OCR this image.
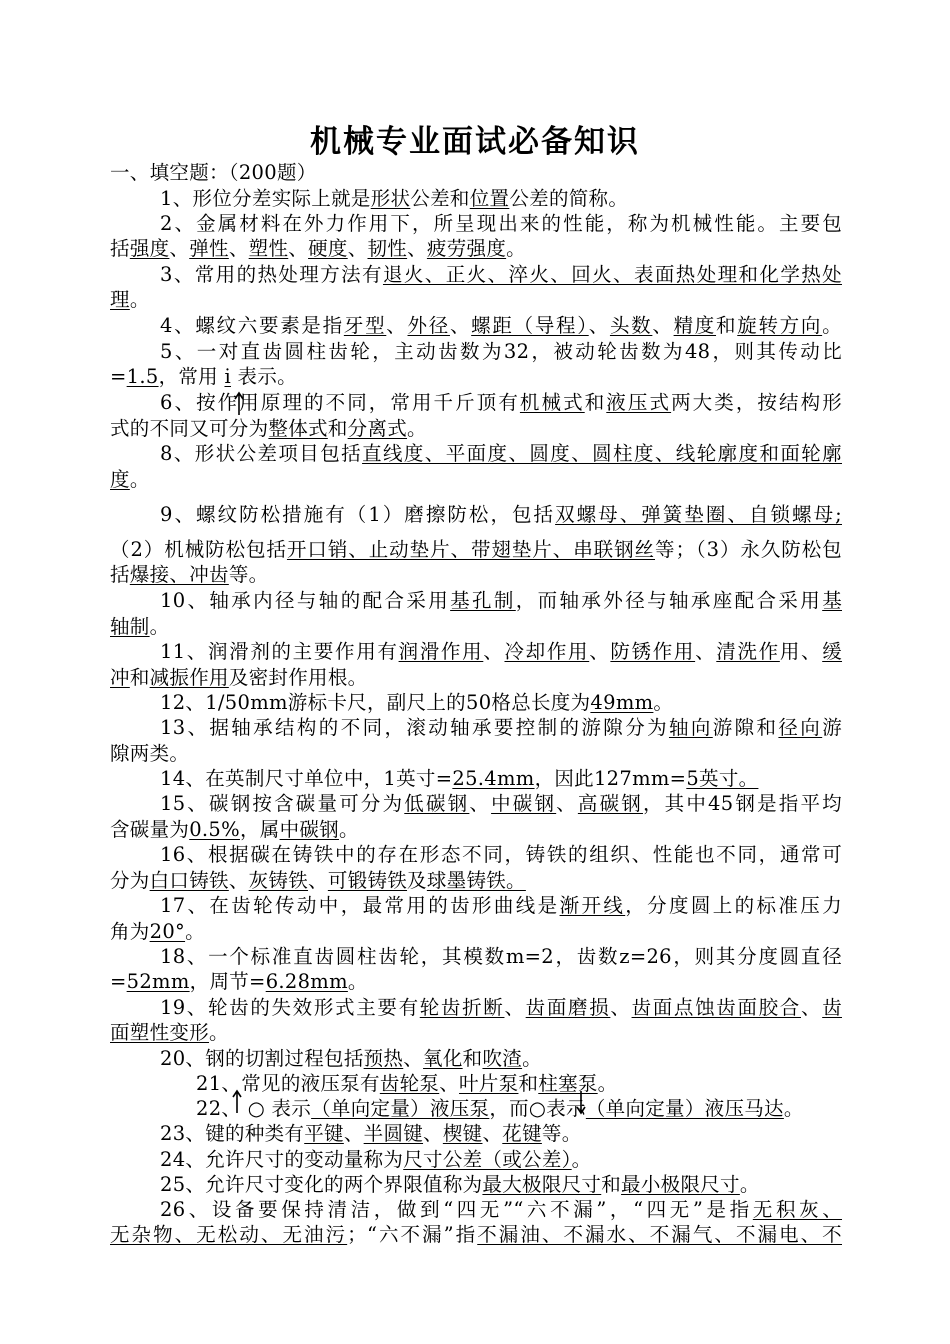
机械专业面试必备知识
一、填空题：（200题）
1、形位分差实际上就是形状公差和位置公差的简称。
2、金属材料在外力作用下，所呈现出来的性能，称为机械性能。主要包
括强度、弹性、塑性、硬度、韧性、疲劳强度。
3、常用的热处理方法有退火、正火、淬火、回火、表面热处理和化学热处
理。
4、螺纹六要素是指牙型、外径、螺距（导程）、头数、精度和旋转方向。
5、一对直齿圆柱齿轮，主动齿数为32，被动轮齿数为48，则其传动比
=1.5，常用 i 表示。
6、按作用原理的不同，常用千斤顶有机械式和液压式两大类，按结构形
式的不同又可分为整体式和分离式。
8、形状公差项目包括直线度、平面度、圆度、圆柱度、线轮廓度和面轮廓
度。
9、螺纹防松措施有（1）磨擦防松，包括双螺母、弹簧垫圈、自锁螺母;
（2）机械防松包括开口销、止动垫片、带翅垫片、串联钢丝等；（3）永久防松包
括爆接、冲齿等。
10、轴承内径与轴的配合采用基孔制，而轴承外径与轴承座配合采用基
轴制。
11、润滑剂的主要作用有润滑作用、冷却作用、防锈作用、清洗作用、缓
冲和减振作用及密封作用根。
12、1/50mm游标卡尺，副尺上的50格总长度为49mm。
13、据轴承结构的不同，滚动轴承要控制的游隙分为轴向游隙和径向游
隙两类。
14、在英制尺寸单位中，1英寸=25.4mm，因此127mm=5英寸。
15、碳钢按含碳量可分为低碳钢、中碳钢、高碳钢，其中45钢是指平均
含碳量为0.5%，属中碳钢。
16、根据碳在铸铁中的存在形态不同，铸铁的组织、性能也不同，通常可
分为白口铸铁、灰铸铁、可锻铸铁及球墨铸铁。
17、在齿轮传动中，最常用的齿形曲线是渐开线，分度圆上的标准压力
角为20°。
18、一个标准直齿圆柱齿轮，其模数m=2，齿数z=26，则其分度圆直径
=52mm，周节=6.28mm。
19、轮齿的失效形式主要有轮齿折断、齿面磨损、齿面点蚀齿面胶合、齿
面塑性变形。
20、钢的切割过程包括预热、氧化和吹渣。
21、常见的液压泵有齿轮泵、叶片泵和柱塞泵。
22、 ○ 表示（单向定量）液压泵，而○表示（单向定量）液压马达。
23、键的种类有平键、半圆键、楔键、花键等。
24、允许尺寸的变动量称为尺寸公差（或公差）。
25、允许尺寸变化的两个界限值称为最大极限尺寸和最小极限尺寸。
26、设备要保持清洁，做到“四无”“六不漏”，“四无”是指无积灰、
无杂物、无松动、无油污；“六不漏”指不漏油、不漏水、不漏气、不漏电、不
